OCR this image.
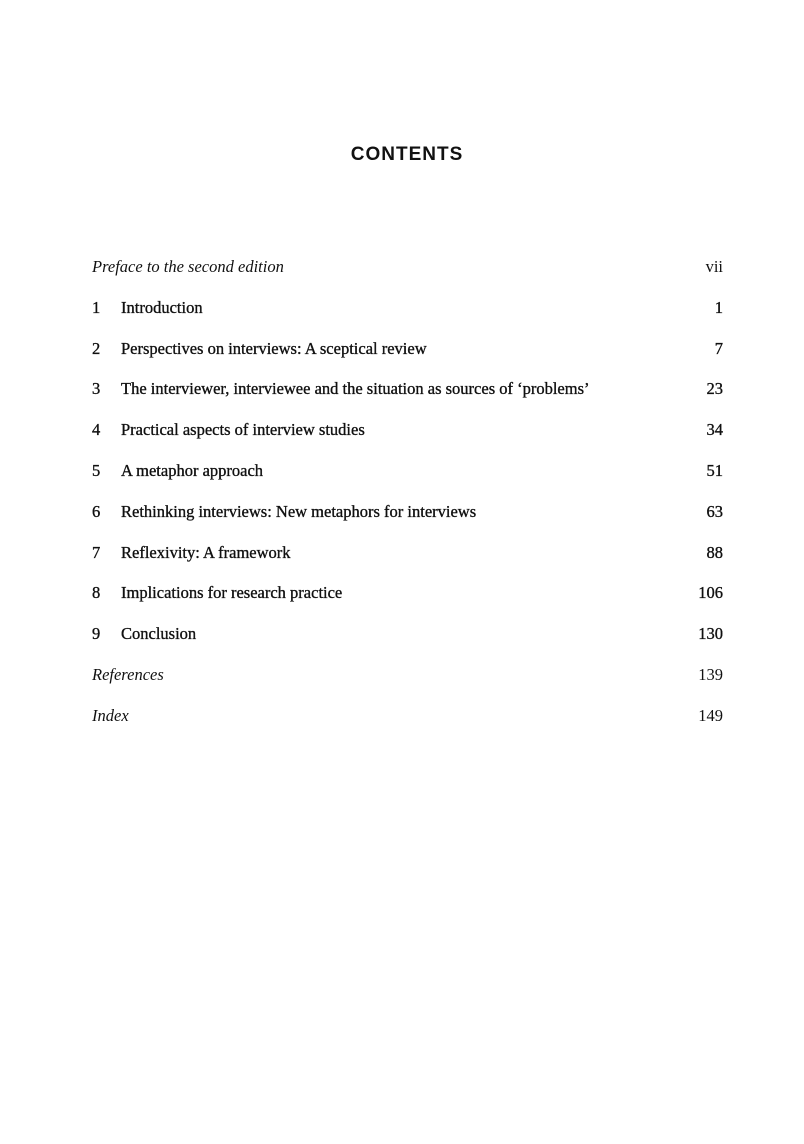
CONTENTS
Preface to the second edition	vii
1 Introduction	1
2 Perspectives on interviews: A sceptical review	7
3 The interviewer, interviewee and the situation as sources of ‘problems’	23
4 Practical aspects of interview studies	34
5 A metaphor approach	51
6 Rethinking interviews: New metaphors for interviews	63
7 Reflexivity: A framework	88
8 Implications for research practice	106
9 Conclusion	130
References	139
Index	149
